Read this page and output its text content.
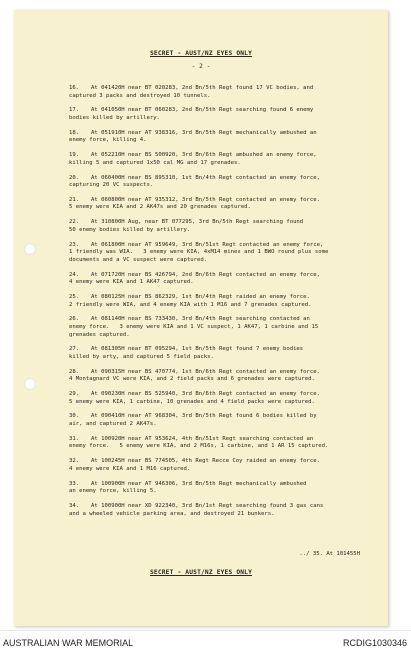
SECRET - AUST/NZ EYES ONLY
- 2 -

16. At 041420H near BT 020283, 2nd Bn/5th Regt found 17 VC bodies, and
captured 3 packs and destroyed 10 tunnels.

17. At 041050H near BT 060283, 2nd Bn/5th Regt searching found 6 enemy
bodies killed by artillery.

18. At 051910H near AT 938316, 3rd Bn/5th Regt mechanically ambushed an
enemy force, killing 4.

19. At 052210H near BS 500920, 3rd Bn/6th Regt ambushed an enemy force,
killing 5 and captured 1x50 cal MG and 17 grenades.

20. At 060400H near BS 895310, 1st Bn/4th Regt contacted an enemy force,
capturing 20 VC suspects.

21. At 060800H near AT 935312, 3rd Bn/5th Regt contacted an enemy force.
5 enemy were KIA and 2 AK47s and 20 grenades captured.

22. At 310800H Aug, near BT 077295, 3rd Bn/5th Regt searching found
50 enemy bodies killed by artillery.

23. At 061800H near AT 959649, 3rd Bn/51st Regt contacted an enemy force,
1 friendly was WIA.   3 enemy were KIA, 4xM14 mines and 1 BWO round plus some
documents and a VC suspect were captured.

24. At 071720H near BS 426794, 2nd Bn/6th Regt contacted an enemy force,
4 enemy were KIA and 1 AK47 captured.

25. At 080125H near BS 862329, 1st Bn/4th Regt raided an enemy force.
2 friendly were WIA, and 4 enemy KIA with 1 M16 and 7 grenades captured.

26. At 081140H near BS 733430, 3rd Bn/4th Regt searching contacted an
enemy force.   3 enemy were KIA and 1 VC suspect, 1 AK47, 1 carbine and 15
grenades captured.

27. At 081305H near BT 095294, 1st Bn/5th Regt found 7 enemy bodies
killed by arty, and captured 5 field packs.

28. At 090315H near BS 470774, 1st Bn/6th Regt contacted an enemy force.
4 Montagnard VC were KIA, and 2 field packs and 6 grenades were captured.

29. At 090230H near BS 525940, 3rd Bn/6th Regt contacted an enemy force.
5 enemy were KIA, 1 carbine, 10 grenades and 4 field packs were captured.

30. At 090410H near AT 968304, 3rd Bn/5th Regt found 6 bodies killed by
air, and captured 2 AK47s.

31. At 100920H near AT 953624, 4th Bn/51st Regt searching contacted an
enemy force.   5 enemy were KIA, and 2 M16s, 1 carbine, and 1 AR 15 captured.

32. At 100245H near BS 774505, 4th Regt Recce Coy raided an enemy force.
4 enemy were KIA and 1 M16 captured.

33. At 100900H near AT 946306, 3rd Bn/5th Regt mechanically ambushed
an enemy force, killing 5.

34. At 100900H near XD 922340, 3rd Bn/1st Regt searching found 3 gas cans
and a wheeled vehicle parking area, and destroyed 21 bunkers.

../ 35. At 101455H
SECRET - AUST/NZ EYES ONLY
AUSTRALIAN WAR MEMORIAL	RCDIG1030346
